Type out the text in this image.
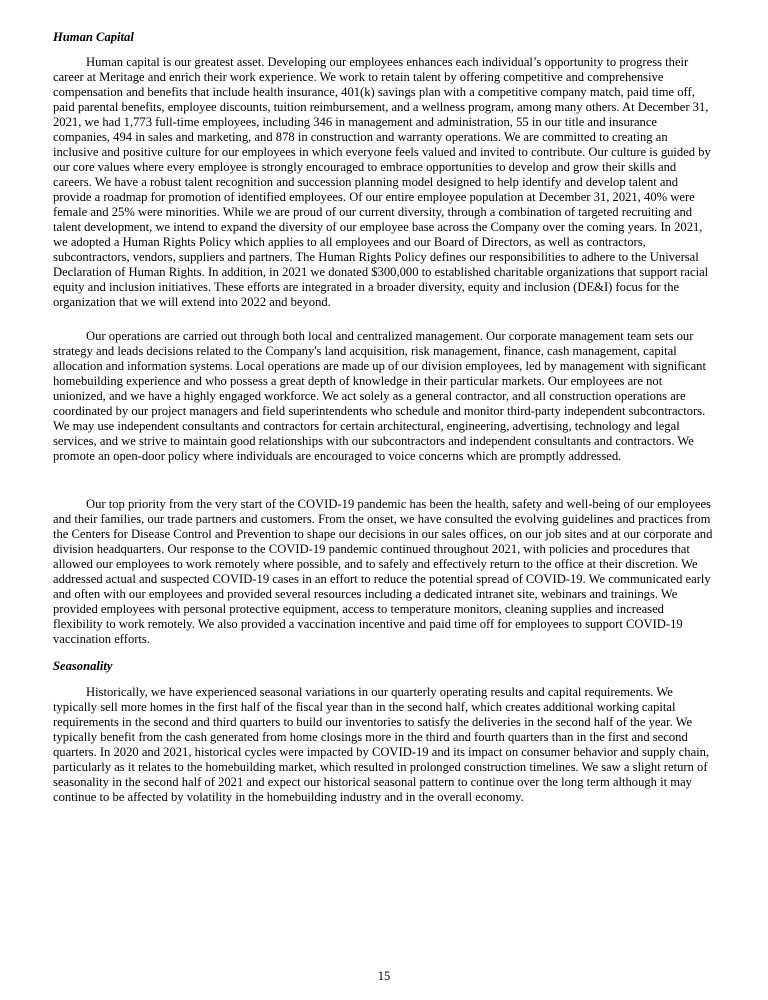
Human Capital

Human capital is our greatest asset. Developing our employees enhances each individual’s opportunity to progress their career at Meritage and enrich their work experience. We work to retain talent by offering competitive and comprehensive compensation and benefits that include health insurance, 401(k) savings plan with a competitive company match, paid time off, paid parental benefits, employee discounts, tuition reimbursement, and a wellness program, among many others. At December 31, 2021, we had 1,773 full-time employees, including 346 in management and administration, 55 in our title and insurance companies, 494 in sales and marketing, and 878 in construction and warranty operations. We are committed to creating an inclusive and positive culture for our employees in which everyone feels valued and invited to contribute. Our culture is guided by our core values where every employee is strongly encouraged to embrace opportunities to develop and grow their skills and careers. We have a robust talent recognition and succession planning model designed to help identify and develop talent and provide a roadmap for promotion of identified employees. Of our entire employee population at December 31, 2021, 40% were female and 25% were minorities. While we are proud of our current diversity, through a combination of targeted recruiting and talent development, we intend to expand the diversity of our employee base across the Company over the coming years. In 2021, we adopted a Human Rights Policy which applies to all employees and our Board of Directors, as well as contractors, subcontractors, vendors, suppliers and partners. The Human Rights Policy defines our responsibilities to adhere to the Universal Declaration of Human Rights. In addition, in 2021 we donated $300,000 to established charitable organizations that support racial equity and inclusion initiatives. These efforts are integrated in a broader diversity, equity and inclusion (DE&I) focus for the organization that we will extend into 2022 and beyond.

Our operations are carried out through both local and centralized management. Our corporate management team sets our strategy and leads decisions related to the Company's land acquisition, risk management, finance, cash management, capital allocation and information systems. Local operations are made up of our division employees, led by management with significant homebuilding experience and who possess a great depth of knowledge in their particular markets. Our employees are not unionized, and we have a highly engaged workforce. We act solely as a general contractor, and all construction operations are coordinated by our project managers and field superintendents who schedule and monitor third-party independent subcontractors. We may use independent consultants and contractors for certain architectural, engineering, advertising, technology and legal services, and we strive to maintain good relationships with our subcontractors and independent consultants and contractors. We promote an open-door policy where individuals are encouraged to voice concerns which are promptly addressed.

Our top priority from the very start of the COVID-19 pandemic has been the health, safety and well-being of our employees and their families, our trade partners and customers. From the onset, we have consulted the evolving guidelines and practices from the Centers for Disease Control and Prevention to shape our decisions in our sales offices, on our job sites and at our corporate and division headquarters. Our response to the COVID-19 pandemic continued throughout 2021, with policies and procedures that allowed our employees to work remotely where possible, and to safely and effectively return to the office at their discretion. We addressed actual and suspected COVID-19 cases in an effort to reduce the potential spread of COVID-19. We communicated early and often with our employees and provided several resources including a dedicated intranet site, webinars and trainings. We provided employees with personal protective equipment, access to temperature monitors, cleaning supplies and increased flexibility to work remotely. We also provided a vaccination incentive and paid time off for employees to support COVID-19 vaccination efforts.

Seasonality

Historically, we have experienced seasonal variations in our quarterly operating results and capital requirements. We typically sell more homes in the first half of the fiscal year than in the second half, which creates additional working capital requirements in the second and third quarters to build our inventories to satisfy the deliveries in the second half of the year. We typically benefit from the cash generated from home closings more in the third and fourth quarters than in the first and second quarters. In 2020 and 2021, historical cycles were impacted by COVID-19 and its impact on consumer behavior and supply chain, particularly as it relates to the homebuilding market, which resulted in prolonged construction timelines. We saw a slight return of seasonality in the second half of 2021 and expect our historical seasonal pattern to continue over the long term although it may continue to be affected by volatility in the homebuilding industry and in the overall economy.

15
